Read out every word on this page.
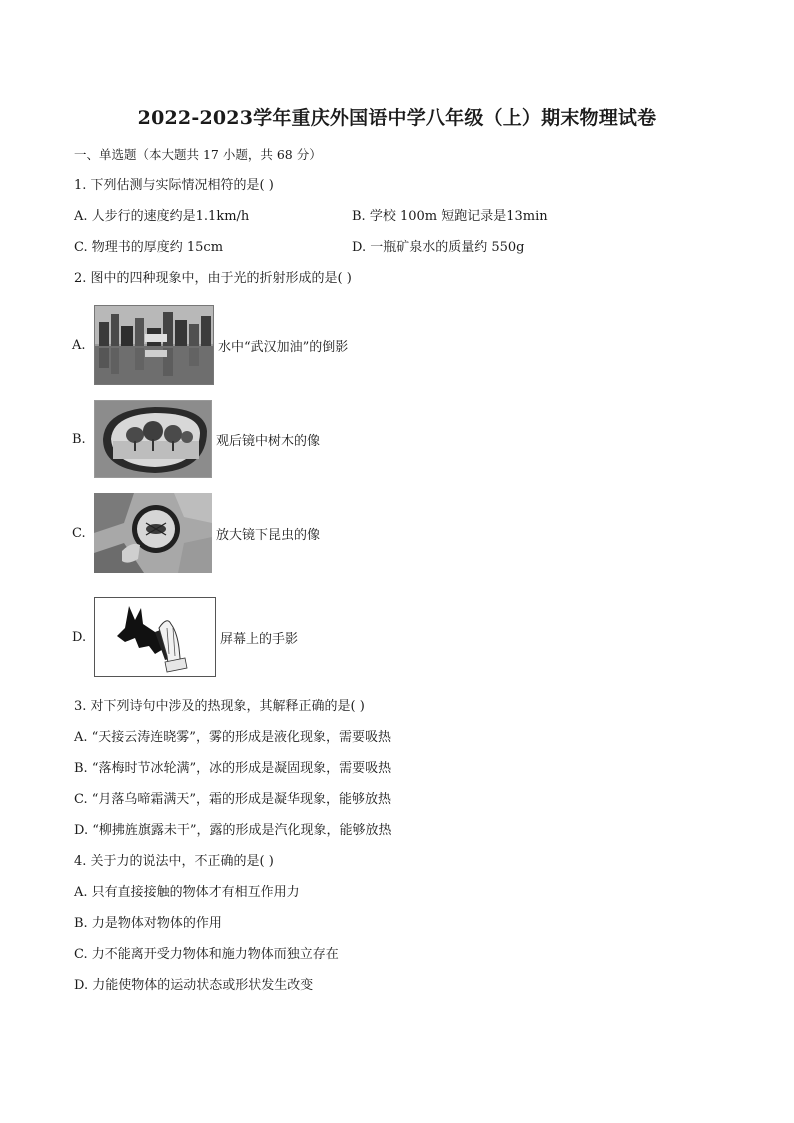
2022-2023学年重庆外国语中学八年级（上）期末物理试卷
一、单选题（本大题共 17 小题，共 68 分）
1. 下列估测与实际情况相符的是( )
A. 人步行的速度约是1.1km/h	B. 学校 100m 短跑记录是13min
C. 物理书的厚度约 15cm	D. 一瓶矿泉水的质量约 550g
2. 图中的四种现象中，由于光的折射形成的是( )
A.	水中“武汉加油”的倒影
B.	观后镜中树木的像
C.	放大镜下昆虫的像
D.	屏幕上的手影
3. 对下列诗句中涉及的热现象，其解释正确的是( )
A. “天接云涛连晓雾”，雾的形成是液化现象，需要吸热
B. “落梅时节冰轮满”，冰的形成是凝固现象，需要吸热
C. “月落乌啼霜满天”，霜的形成是凝华现象，能够放热
D. “柳拂旌旗露未干”，露的形成是汽化现象，能够放热
4. 关于力的说法中，不正确的是( )
A. 只有直接接触的物体才有相互作用力
B. 力是物体对物体的作用
C. 力不能离开受力物体和施力物体而独立存在
D. 力能使物体的运动状态或形状发生改变
